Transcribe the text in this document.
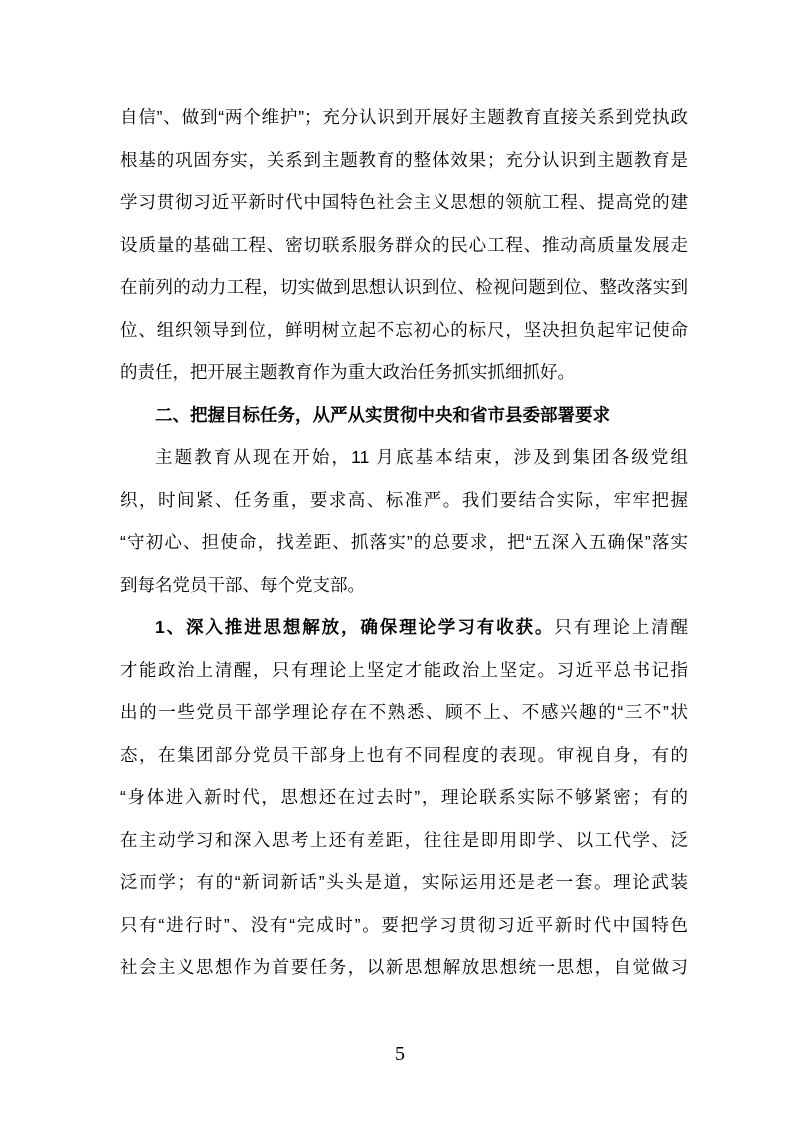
自信”、做到“两个维护”；充分认识到开展好主题教育直接关系到党执政
根基的巩固夯实，关系到主题教育的整体效果；充分认识到主题教育是
学习贯彻习近平新时代中国特色社会主义思想的领航工程、提高党的建
设质量的基础工程、密切联系服务群众的民心工程、推动高质量发展走
在前列的动力工程，切实做到思想认识到位、检视问题到位、整改落实到
位、组织领导到位，鲜明树立起不忘初心的标尺，坚决担负起牢记使命
的责任，把开展主题教育作为重大政治任务抓实抓细抓好。
二、把握目标任务，从严从实贯彻中央和省市县委部署要求
主题教育从现在开始，11 月底基本结束，涉及到集团各级党组
织，时间紧、任务重，要求高、标准严。我们要结合实际，牢牢把握
“守初心、担使命，找差距、抓落实”的总要求，把“五深入五确保”落实
到每名党员干部、每个党支部。
1、深入推进思想解放，确保理论学习有收获。只有理论上清醒
才能政治上清醒，只有理论上坚定才能政治上坚定。习近平总书记指
出的一些党员干部学理论存在不熟悉、顾不上、不感兴趣的“三不”状
态，在集团部分党员干部身上也有不同程度的表现。审视自身，有的
“身体进入新时代，思想还在过去时”，理论联系实际不够紧密；有的
在主动学习和深入思考上还有差距，往往是即用即学、以工代学、泛
泛而学；有的“新词新话”头头是道，实际运用还是老一套。理论武装
只有“进行时”、没有“完成时”。要把学习贯彻习近平新时代中国特色
社会主义思想作为首要任务，以新思想解放思想统一思想，自觉做习
5
